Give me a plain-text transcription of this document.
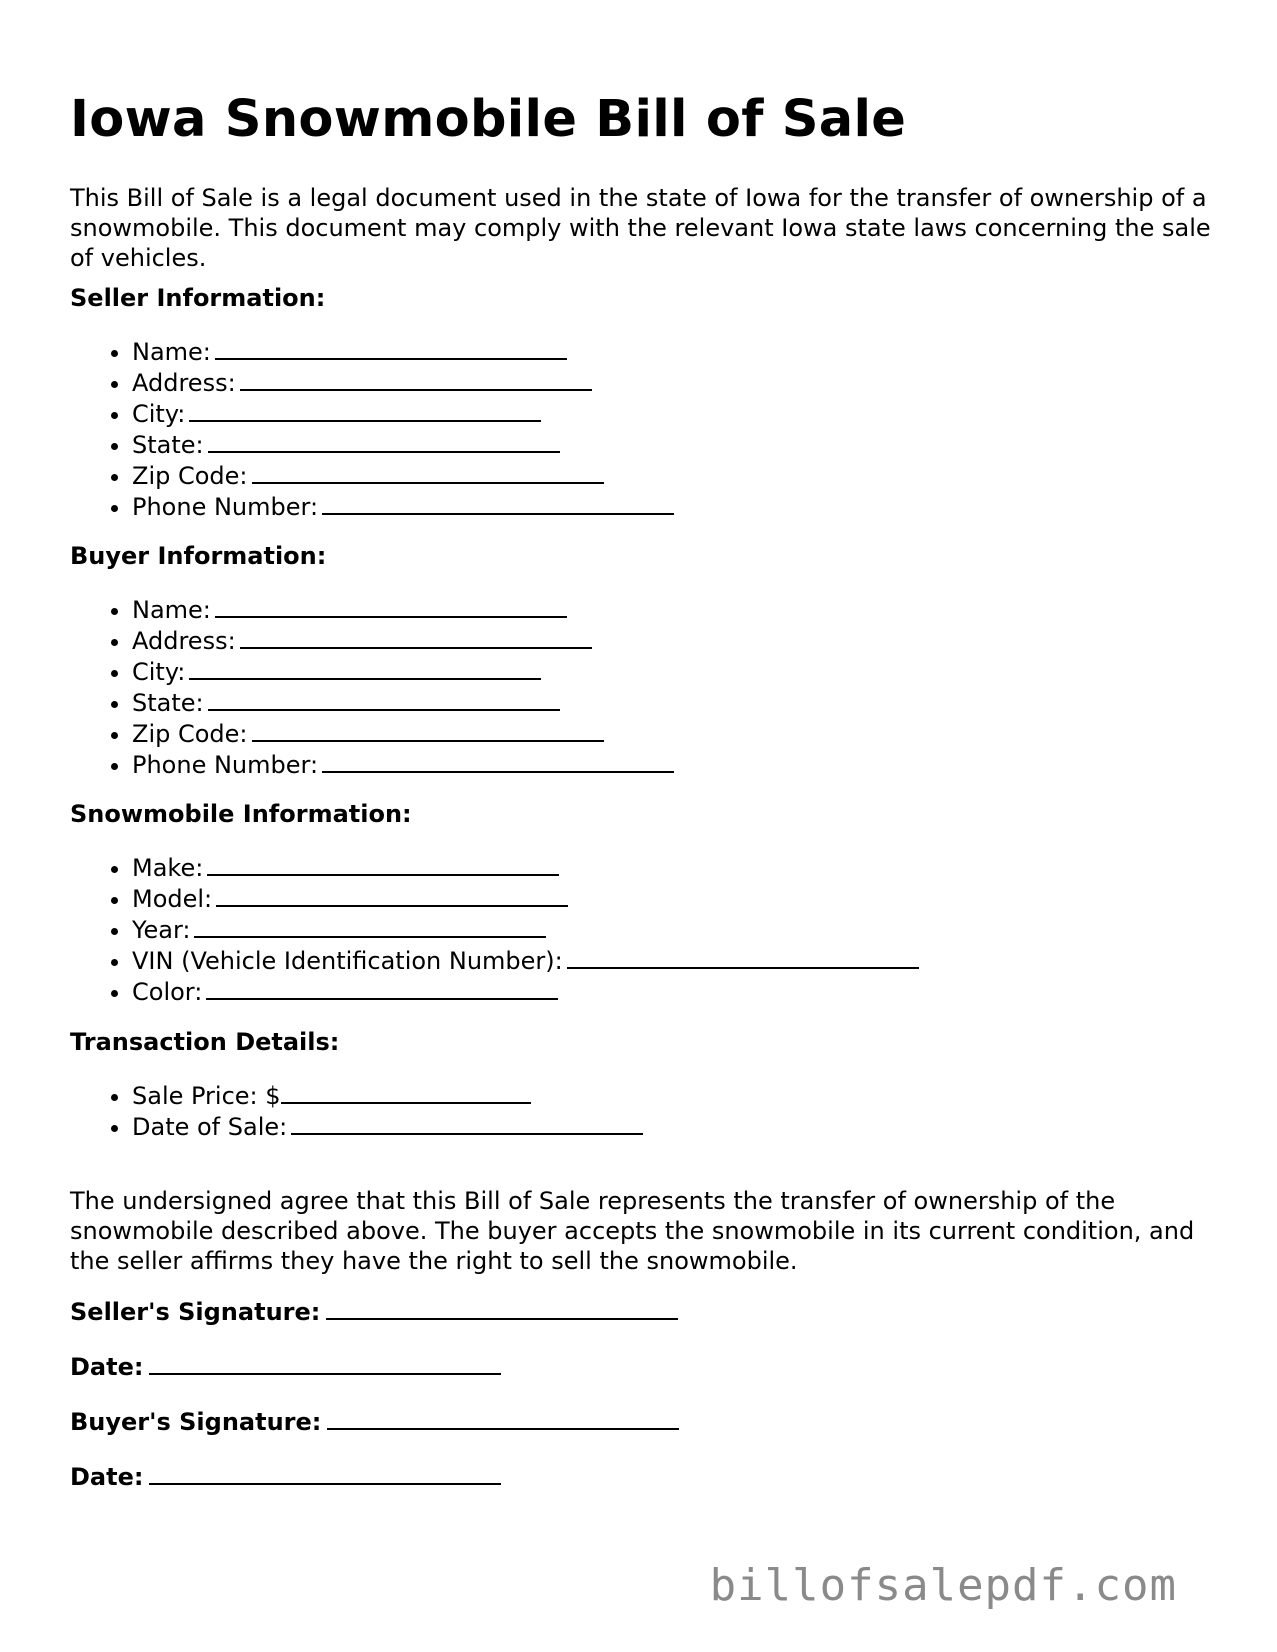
Iowa Snowmobile Bill of Sale

This Bill of Sale is a legal document used in the state of Iowa for the transfer of ownership of a snowmobile. This document may comply with the relevant Iowa state laws concerning the sale of vehicles.

Seller Information:

• Name:
• Address:
• City:
• State:
• Zip Code:
• Phone Number:

Buyer Information:

• Name:
• Address:
• City:
• State:
• Zip Code:
• Phone Number:

Snowmobile Information:

• Make:
• Model:
• Year:
• VIN (Vehicle Identification Number):
• Color:

Transaction Details:

• Sale Price: $
• Date of Sale:

The undersigned agree that this Bill of Sale represents the transfer of ownership of the snowmobile described above. The buyer accepts the snowmobile in its current condition, and the seller affirms they have the right to sell the snowmobile.

Seller's Signature:

Date:

Buyer's Signature:

Date:

billofsalepdf.com
